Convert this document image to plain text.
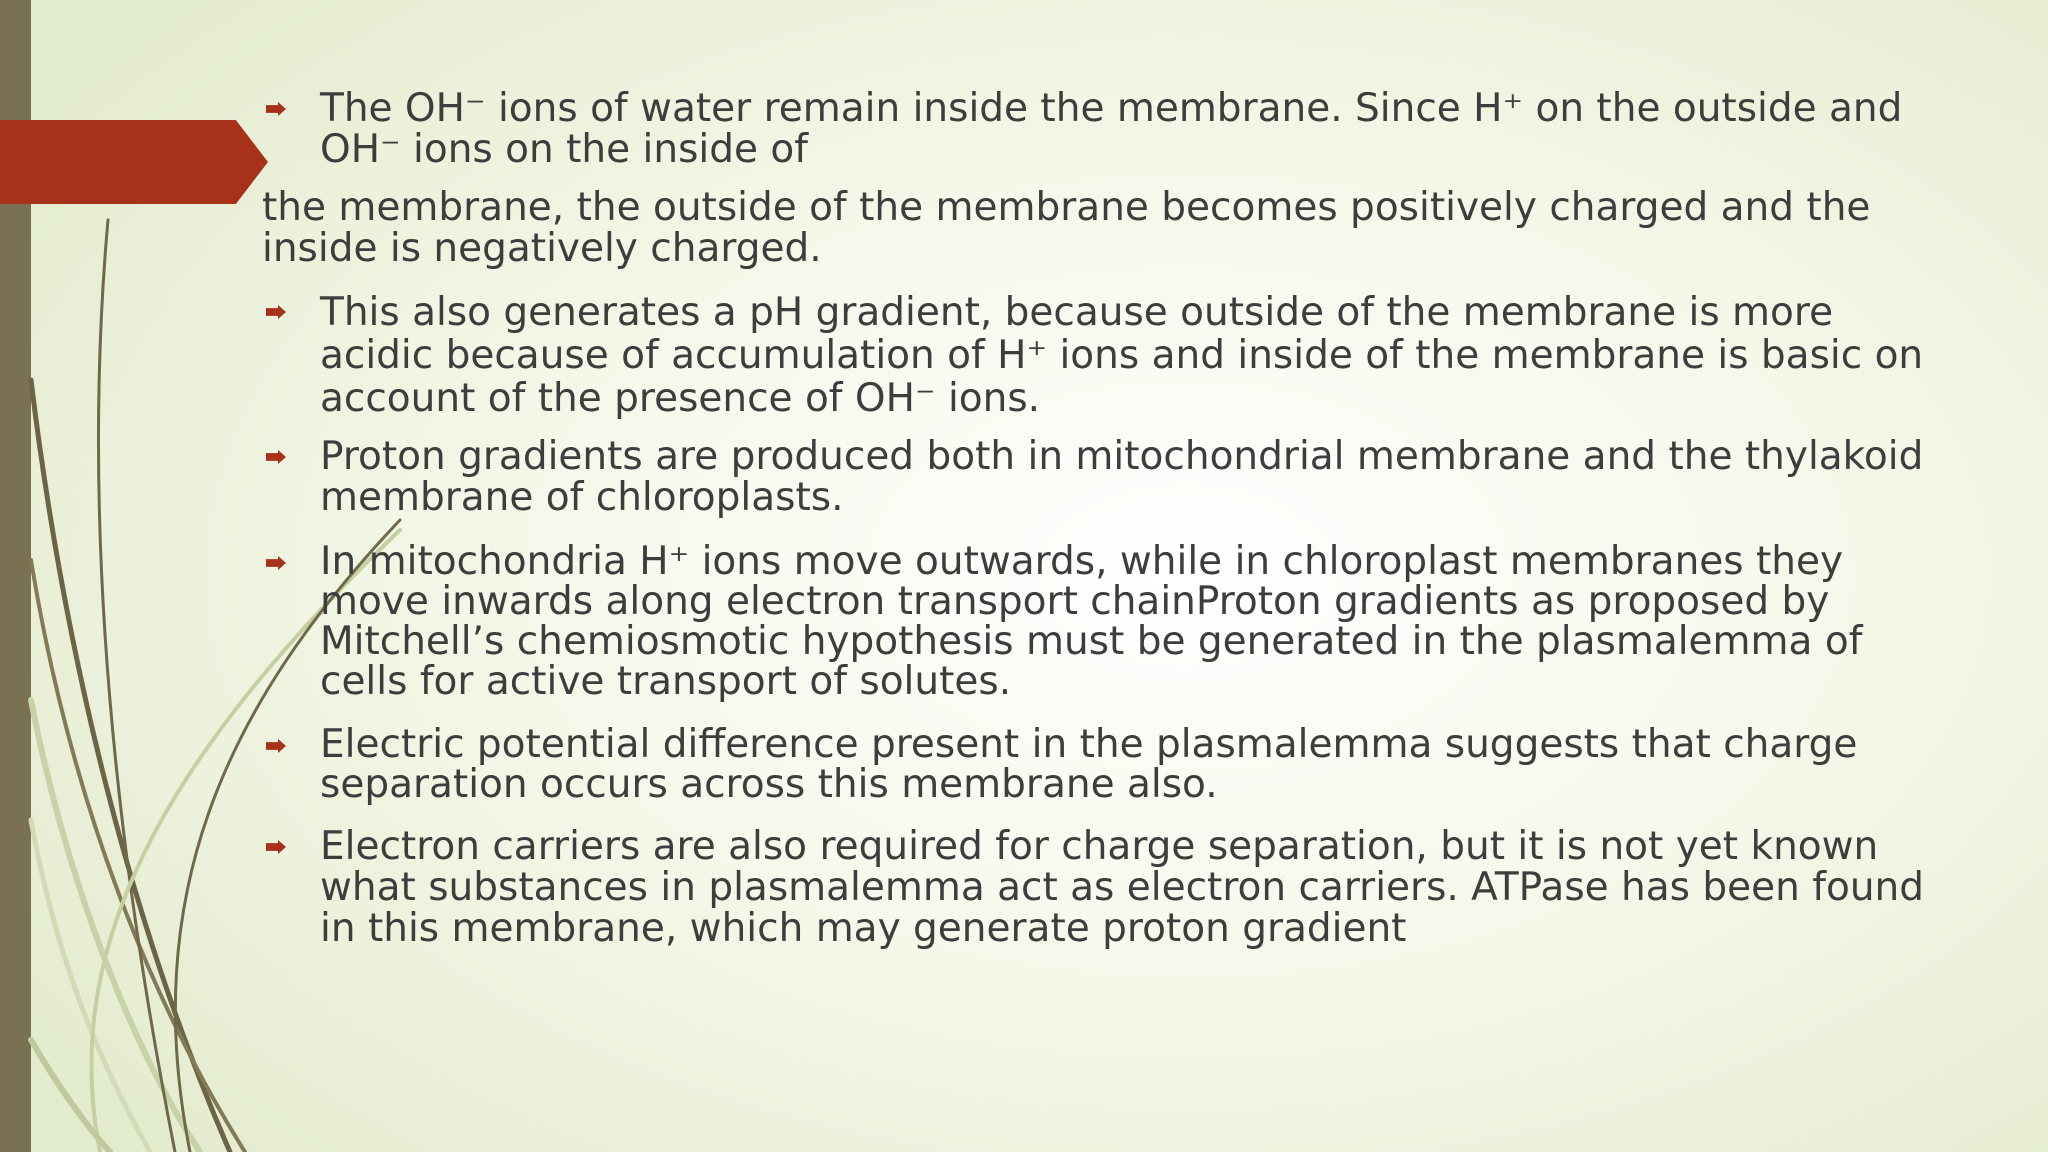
The OH⁻ ions of water remain inside the membrane. Since H⁺ on the outside and OH⁻ ions on the inside of
the membrane, the outside of the membrane becomes positively charged and the inside is negatively charged.
This also generates a pH gradient, because outside of the membrane is more acidic because of accumulation of H⁺ ions and inside of the membrane is basic on account of the presence of OH⁻ ions.
Proton gradients are produced both in mitochondrial membrane and the thylakoid membrane of chloroplasts.
In mitochondria H⁺ ions move outwards, while in chloroplast membranes they move inwards along electron transport chainProton gradients as proposed by Mitchell’s chemiosmotic hypothesis must be generated in the plasmalemma of cells for active transport of solutes.
Electric potential difference present in the plasmalemma suggests that charge separation occurs across this membrane also.
Electron carriers are also required for charge separation, but it is not yet known what substances in plasmalemma act as electron carriers. ATPase has been found in this membrane, which may generate proton gradient
